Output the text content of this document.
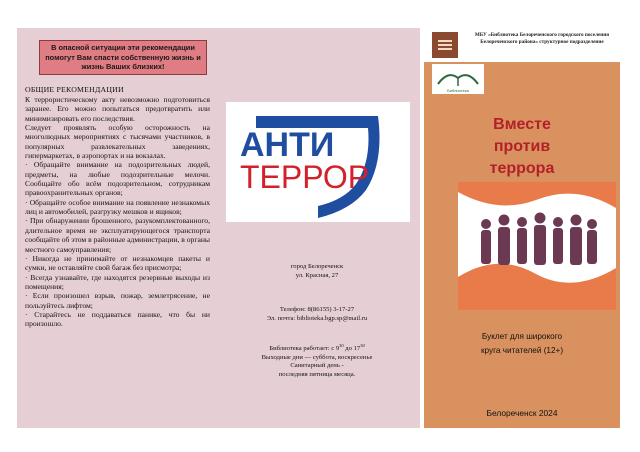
В опасной ситуации эти рекомендации помогут Вам спасти собственную жизнь и жизнь Ваших близких!
ОБЩИЕ РЕКОМЕНДАЦИИ

К террористическому акту невозможно подготовиться заранее. Его можно попытаться предотвратить или минимизировать его последствия.

Следует проявлять особую осторожность на многолюдных мероприятиях с тысячами участников, в популярных развлекательных заведениях, гипермаркетах, в аэропортах и на вокзалах.

· Обращайте внимание на подозрительных людей, предметы, на любые подозрительные мелочи. Сообщайте обо всём подозрительном, сотрудникам правоохранительных органов;

· Обращайте особое внимание на появление незнакомых лиц и автомобилей, разгрузку мешков и ящиков;

· При обнаружении брошенного, разукомплектованного, длительное время не эксплуатирующегося транспорта сообщайте об этом в районные администрации, в органы местного самоуправления;

· Никогда не принимайте от незнакомцев пакеты и сумки, не оставляйте свой багаж без присмотра;

· Всегда узнавайте, где находятся резервные выходы из помещения;

· Если произошел взрыв, пожар, землетрясение, не пользуйтесь лифтом;

· Старайтесь не поддаваться панике, что бы ни произошло.

АНТИ
ТЕРРОР
город Белореченск
ул. Красная, 27
Телефон: 8(86155) 3-17-27
Эл. почта: biblioteka.bgp.sp@mail.ru
Библиотека работает: с $9^{30}$ до $17^{30}$
Выходные дни — суббота, воскресенье
Санитарный день -
последняя пятница месяца.
МБУ «Библиотека Белореченского городского поселения Белореченского района» структурное подразделение
Библиотека
Вместе
против
террора
Буклет для широкого
круга читателей (12+)
Белореченск 2024
